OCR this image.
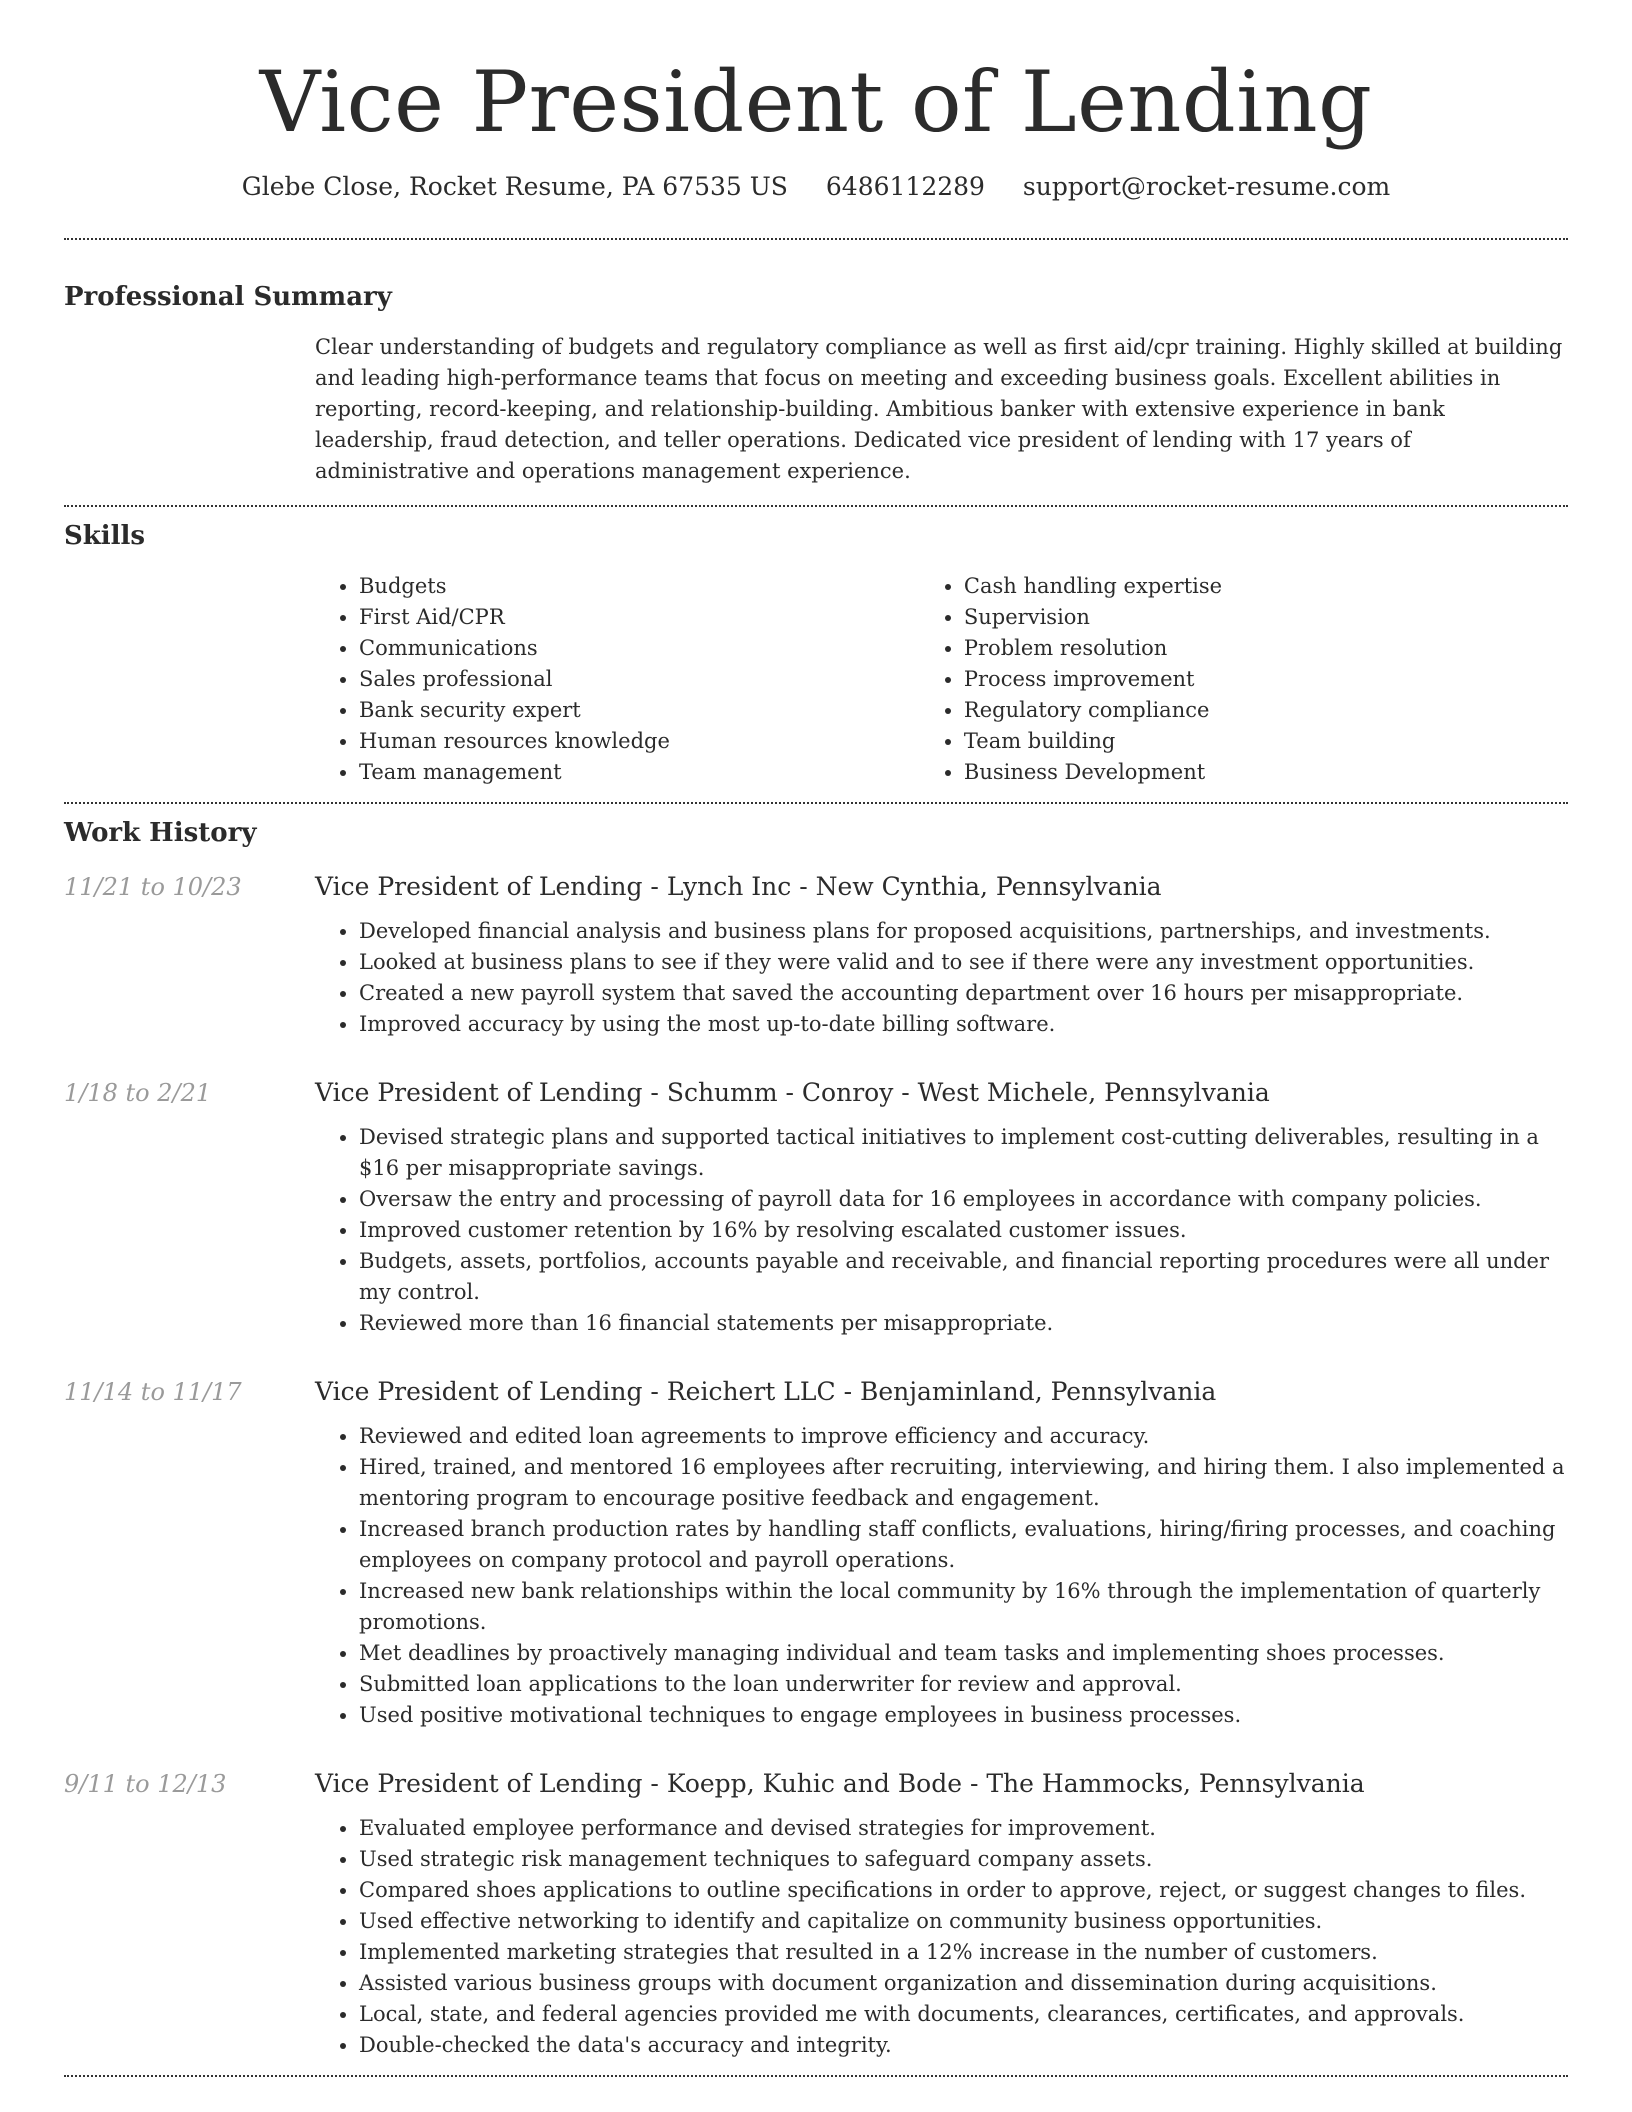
Vice President of Lending
Glebe Close, Rocket Resume, PA 67535 US 6486112289 support@rocket-resume.com
Professional Summary
Clear understanding of budgets and regulatory compliance as well as first aid/cpr training. Highly skilled at building and leading high-performance teams that focus on meeting and exceeding business goals. Excellent abilities in reporting, record-keeping, and relationship-building. Ambitious banker with extensive experience in bank leadership, fraud detection, and teller operations. Dedicated vice president of lending with 17 years of administrative and operations management experience.
Skills
• Budgets
• First Aid/CPR
• Communications
• Sales professional
• Bank security expert
• Human resources knowledge
• Team management
• Cash handling expertise
• Supervision
• Problem resolution
• Process improvement
• Regulatory compliance
• Team building
• Business Development
Work History
11/21 to 10/23	Vice President of Lending - Lynch Inc - New Cynthia, Pennsylvania
• Developed financial analysis and business plans for proposed acquisitions, partnerships, and investments.
• Looked at business plans to see if they were valid and to see if there were any investment opportunities.
• Created a new payroll system that saved the accounting department over 16 hours per misappropriate.
• Improved accuracy by using the most up-to-date billing software.
1/18 to 2/21	Vice President of Lending - Schumm - Conroy - West Michele, Pennsylvania
• Devised strategic plans and supported tactical initiatives to implement cost-cutting deliverables, resulting in a $16 per misappropriate savings.
• Oversaw the entry and processing of payroll data for 16 employees in accordance with company policies.
• Improved customer retention by 16% by resolving escalated customer issues.
• Budgets, assets, portfolios, accounts payable and receivable, and financial reporting procedures were all under my control.
• Reviewed more than 16 financial statements per misappropriate.
11/14 to 11/17	Vice President of Lending - Reichert LLC - Benjaminland, Pennsylvania
• Reviewed and edited loan agreements to improve efficiency and accuracy.
• Hired, trained, and mentored 16 employees after recruiting, interviewing, and hiring them. I also implemented a mentoring program to encourage positive feedback and engagement.
• Increased branch production rates by handling staff conflicts, evaluations, hiring/firing processes, and coaching employees on company protocol and payroll operations.
• Increased new bank relationships within the local community by 16% through the implementation of quarterly promotions.
• Met deadlines by proactively managing individual and team tasks and implementing shoes processes.
• Submitted loan applications to the loan underwriter for review and approval.
• Used positive motivational techniques to engage employees in business processes.
9/11 to 12/13	Vice President of Lending - Koepp, Kuhic and Bode - The Hammocks, Pennsylvania
• Evaluated employee performance and devised strategies for improvement.
• Used strategic risk management techniques to safeguard company assets.
• Compared shoes applications to outline specifications in order to approve, reject, or suggest changes to files.
• Used effective networking to identify and capitalize on community business opportunities.
• Implemented marketing strategies that resulted in a 12% increase in the number of customers.
• Assisted various business groups with document organization and dissemination during acquisitions.
• Local, state, and federal agencies provided me with documents, clearances, certificates, and approvals.
• Double-checked the data's accuracy and integrity.
